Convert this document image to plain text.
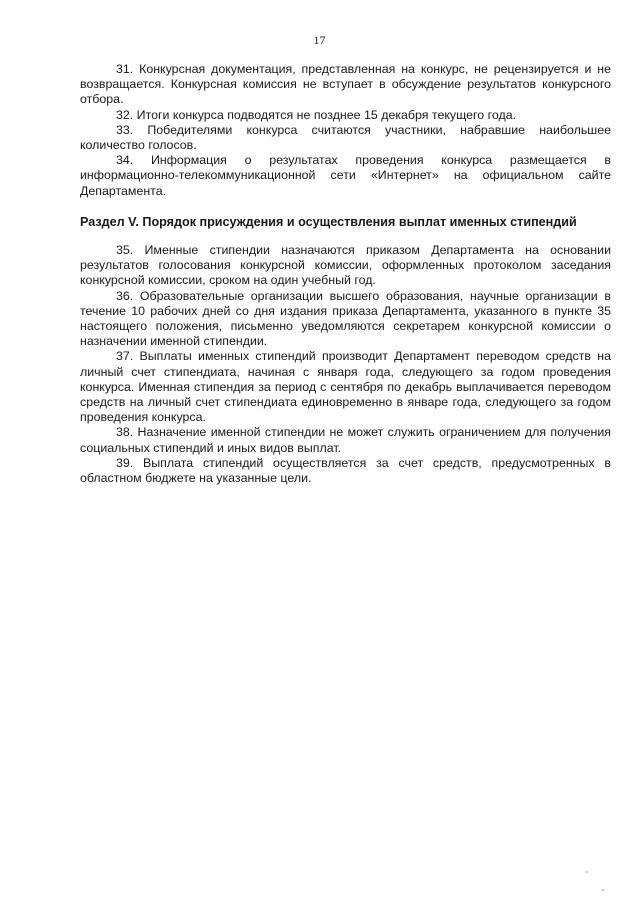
17

31. Конкурсная документация, представленная на конкурс, не рецензируется и не возвращается. Конкурсная комиссия не вступает в обсуждение результатов конкурсного отбора.

32. Итоги конкурса подводятся не позднее 15 декабря текущего года.

33. Победителями конкурса считаются участники, набравшие наибольшее количество голосов.

34. Информация о результатах проведения конкурса размещается в информационно-телекоммуникационной сети «Интернет» на официальном сайте Департамента.

Раздел V. Порядок присуждения и осуществления выплат именных стипендий

35. Именные стипендии назначаются приказом Департамента на основании результатов голосования конкурсной комиссии, оформленных протоколом заседания конкурсной комиссии, сроком на один учебный год.

36. Образовательные организации высшего образования, научные организации в течение 10 рабочих дней со дня издания приказа Департамента, указанного в пункте 35 настоящего положения, письменно уведомляются секретарем конкурсной комиссии о назначении именной стипендии.

37. Выплаты именных стипендий производит Департамент переводом средств на личный счет стипендиата, начиная с января года, следующего за годом проведения конкурса. Именная стипендия за период с сентября по декабрь выплачивается переводом средств на личный счет стипендиата единовременно в январе года, следующего за годом проведения конкурса.

38. Назначение именной стипендии не может служить ограничением для получения социальных стипендий и иных видов выплат.

39. Выплата стипендий осуществляется за счет средств, предусмотренных в областном бюджете на указанные цели.
